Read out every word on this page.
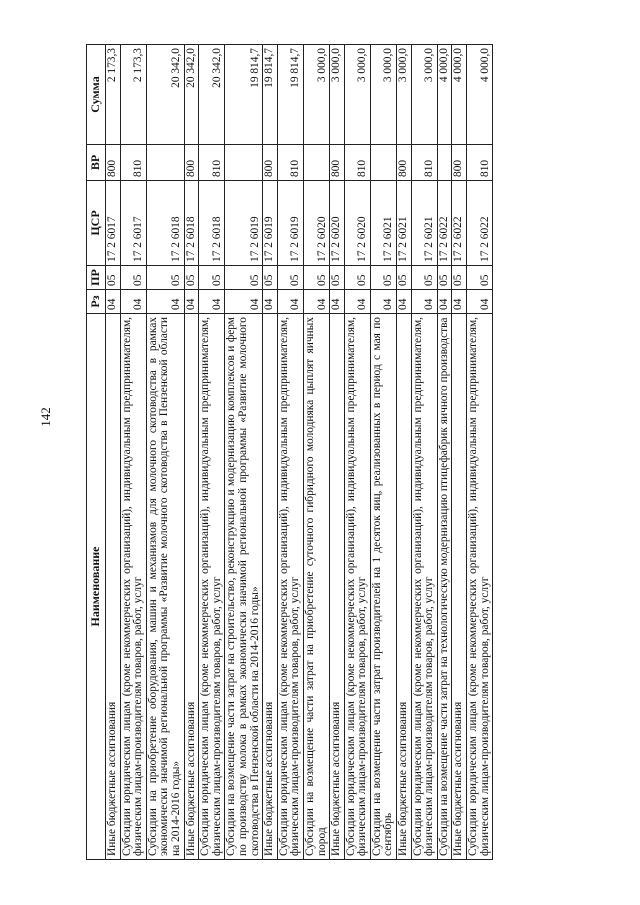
142
Наименование	Рз	ПР	ЦСР	ВР	Сумма
Иные бюджетные ассигнования	04	05	17 2 6017	800	2 173,3
Субсидии юридическим лицам (кроме некоммерческих организаций), индивидуальным предпринимателям, физическим лицам-производителям товаров, работ, услуг	04	05	17 2 6017	810	2 173,3
Субсидии на приобретение оборудования, машин и механизмов для молочного скотоводства в рамках экономически значимой региональной программы «Развитие молочного скотоводства в Пензенской области на 2014-2016 годы»	04	05	17 2 6018		20 342,0
Иные бюджетные ассигнования	04	05	17 2 6018	800	20 342,0
Субсидии юридическим лицам (кроме некоммерческих организаций), индивидуальным предпринимателям, физическим лицам-производителям товаров, работ, услуг	04	05	17 2 6018	810	20 342,0
Субсидии на возмещение части затрат на строительство, реконструкцию и модернизацию комплексов и ферм по производству молока в рамках экономически значимой региональной программы «Развитие молочного скотоводства в Пензенской области на 2014-2016 годы»	04	05	17 2 6019		19 814,7
Иные бюджетные ассигнования	04	05	17 2 6019	800	19 814,7
Субсидии юридическим лицам (кроме некоммерческих организаций), индивидуальным предпринимателям, физическим лицам-производителям товаров, работ, услуг	04	05	17 2 6019	810	19 814,7
Субсидии на возмещение части затрат на приобретение суточного гибридного молодняка цыплят яичных пород	04	05	17 2 6020		3 000,0
Иные бюджетные ассигнования	04	05	17 2 6020	800	3 000,0
Субсидии юридическим лицам (кроме некоммерческих организаций), индивидуальным предпринимателям, физическим лицам-производителям товаров, работ, услуг	04	05	17 2 6020	810	3 000,0
Субсидии на возмещение части затрат производителей на 1 десяток яиц, реализованных в период с мая по сентябрь	04	05	17 2 6021		3 000,0
Иные бюджетные ассигнования	04	05	17 2 6021	800	3 000,0
Субсидии юридическим лицам (кроме некоммерческих организаций), индивидуальным предпринимателям, физическим лицам-производителям товаров, работ, услуг	04	05	17 2 6021	810	3 000,0
Субсидии на возмещение части затрат на технологическую модернизацию птицефабрик яичного производства	04	05	17 2 6022		4 000,0
Иные бюджетные ассигнования	04	05	17 2 6022	800	4 000,0
Субсидии юридическим лицам (кроме некоммерческих организаций), индивидуальным предпринимателям, физическим лицам-производителям товаров, работ, услуг	04	05	17 2 6022	810	4 000,0
